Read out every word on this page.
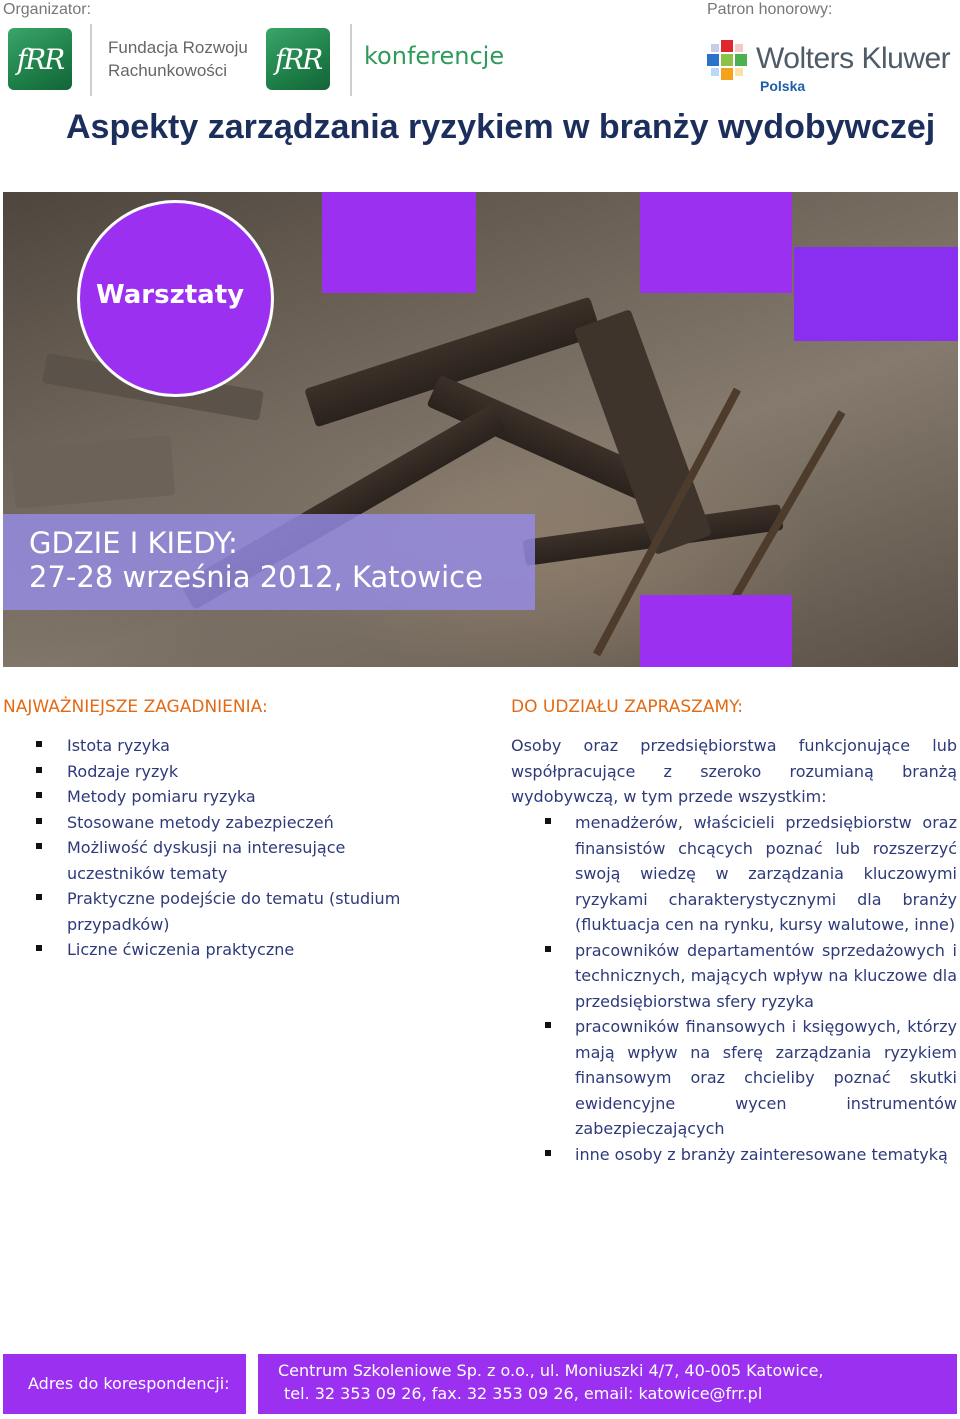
Organizator:	Patron honorowy:
fRR	Fundacja Rozwoju
Rachunkowości	fRR	konferencje	Wolters Kluwer
Polska
Aspekty zarządzania ryzykiem w branży wydobywczej
Warsztaty
GDZIE I KIEDY:
27-28 września 2012, Katowice
NAJWAŻNIEJSZE ZAGADNIENIA:
Istota ryzyka
Rodzaje ryzyk
Metody pomiaru ryzyka
Stosowane metody zabezpieczeń
Możliwość dyskusji na interesujące uczestników tematy
Praktyczne podejście do tematu (studium przypadków)
Liczne ćwiczenia praktyczne
DO UDZIAŁU ZAPRASZAMY:

Osoby oraz przedsiębiorstwa funkcjonujące lub współpracujące z szeroko rozumianą branżą wydobywczą, w tym przede wszystkim:

menadżerów, właścicieli przedsiębiorstw oraz finansistów chcących poznać lub rozszerzyć swoją wiedzę w zarządzania kluczowymi ryzykami charakterystycznymi dla branży (fluktuacja cen na rynku, kursy walutowe, inne)
pracowników departamentów sprzedażowych i technicznych, mających wpływ na kluczowe dla przedsiębiorstwa sfery ryzyka
pracowników finansowych i księgowych, którzy mają wpływ na sferę zarządzania ryzykiem finansowym oraz chcieliby poznać skutki ewidencyjne wycen instrumentów zabezpieczających
inne osoby z branży zainteresowane tematyką
Adres do korespondencji:
Centrum Szkoleniowe Sp. z o.o., ul. Moniuszki 4/7, 40-005 Katowice,
tel. 32 353 09 26, fax. 32 353 09 26, email: katowice@frr.pl
